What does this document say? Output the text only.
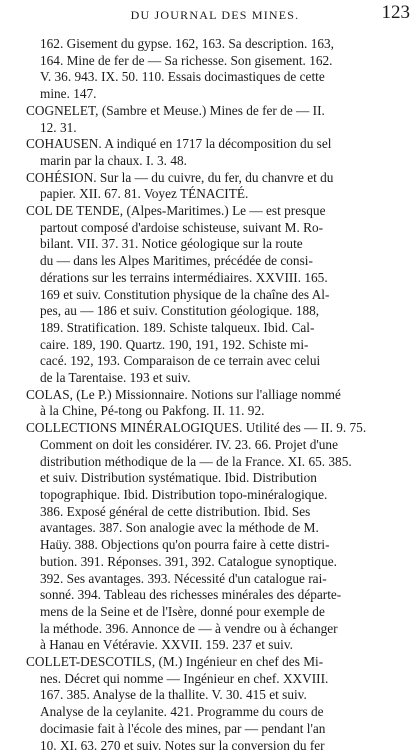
DU JOURNAL DES MINES.	123
162. Gisement du gypse. 162, 163. Sa description. 163,
164. Mine de fer de — Sa richesse. Son gisement. 162.
V. 36. 943. IX. 50. 110. Essais docimastiques de cette
mine. 147.
COGNELET, (Sambre et Meuse.) Mines de fer de — II.
12. 31.
COHAUSEN. A indiqué en 1717 la décomposition du sel
marin par la chaux. I. 3. 48.
COHÉSION. Sur la — du cuivre, du fer, du chanvre et du
papier. XII. 67. 81. Voyez TÉNACITÉ.
COL DE TENDE, (Alpes-Maritimes.) Le — est presque
partout composé d'ardoise schisteuse, suivant M. Ro-
bilant. VII. 37. 31. Notice géologique sur la route
du — dans les Alpes Maritimes, précédée de consi-
dérations sur les terrains intermédiaires. XXVIII. 165.
169 et suiv. Constitution physique de la chaîne des Al-
pes, au — 186 et suiv. Constitution géologique. 188,
189. Stratification. 189. Schiste talqueux. Ibid. Cal-
caire. 189, 190. Quartz. 190, 191, 192. Schiste mi-
cacé. 192, 193. Comparaison de ce terrain avec celui
de la Tarentaise. 193 et suiv.
COLAS, (Le P.) Missionnaire. Notions sur l'alliage nommé
à la Chine, Pé-tong ou Pakfong. II. 11. 92.
COLLECTIONS MINÉRALOGIQUES. Utilité des — II. 9. 75.
Comment on doit les considérer. IV. 23. 66. Projet d'une
distribution méthodique de la — de la France. XI. 65. 385.
et suiv. Distribution systématique. Ibid. Distribution
topographique. Ibid. Distribution topo-minéralogique.
386. Exposé général de cette distribution. Ibid. Ses
avantages. 387. Son analogie avec la méthode de M.
Haüy. 388. Objections qu'on pourra faire à cette distri-
bution. 391. Réponses. 391, 392. Catalogue synoptique.
392. Ses avantages. 393. Nécessité d'un catalogue rai-
sonné. 394. Tableau des richesses minérales des départe-
mens de la Seine et de l'Isère, donné pour exemple de
la méthode. 396. Annonce de — à vendre ou à échanger
à Hanau en Vétéravie. XXVII. 159. 237 et suiv.
COLLET-DESCOTILS, (M.) Ingénieur en chef des Mi-
nes. Décret qui nomme — Ingénieur en chef. XXVIII.
167. 385. Analyse de la thallite. V. 30. 415 et suiv.
Analyse de la ceylanite. 421. Programme du cours de
docimasie fait à l'école des mines, par — pendant l'an
10. XI. 63. 270 et suiv. Notes sur la conversion du fer
